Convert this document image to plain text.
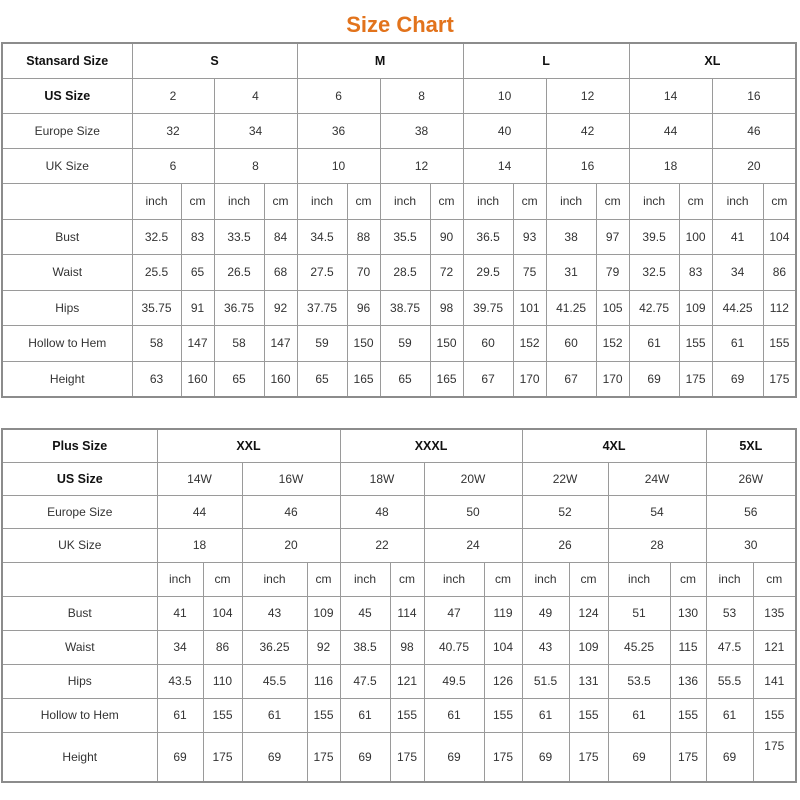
Size Chart
Stansard Size	S				M				L				XL			
US Size	2		4		6		8		10		12		14		16	
Europe Size	32		34		36		38		40		42		44		46	
UK Size	6		8		10		12		14		16		18		20	
	inch	cm	inch	cm	inch	cm	inch	cm	inch	cm	inch	cm	inch	cm	inch	cm
Bust	32.5	83	33.5	84	34.5	88	35.5	90	36.5	93	38	97	39.5	100	41	104
Waist	25.5	65	26.5	68	27.5	70	28.5	72	29.5	75	31	79	32.5	83	34	86
Hips	35.75	91	36.75	92	37.75	96	38.75	98	39.75	101	41.25	105	42.75	109	44.25	112
Hollow to Hem	58	147	58	147	59	150	59	150	60	152	60	152	61	155	61	155
Height	63	160	65	160	65	165	65	165	67	170	67	170	69	175	69	175
Plus Size	XXL				XXXL				4XL				5XL	
US Size	14W		16W		18W		20W		22W		24W		26W	
Europe Size	44		46		48		50		52		54		56	
UK Size	18		20		22		24		26		28		30	
	inch	cm	inch	cm	inch	cm	inch	cm	inch	cm	inch	cm	inch	cm
Bust	41	104	43	109	45	114	47	119	49	124	51	130	53	135
Waist	34	86	36.25	92	38.5	98	40.75	104	43	109	45.25	115	47.5	121
Hips	43.5	110	45.5	116	47.5	121	49.5	126	51.5	131	53.5	136	55.5	141
Hollow to Hem	61	155	61	155	61	155	61	155	61	155	61	155	61	155
Height	69	175	69	175	69	175	69	175	69	175	69	175	69	175
